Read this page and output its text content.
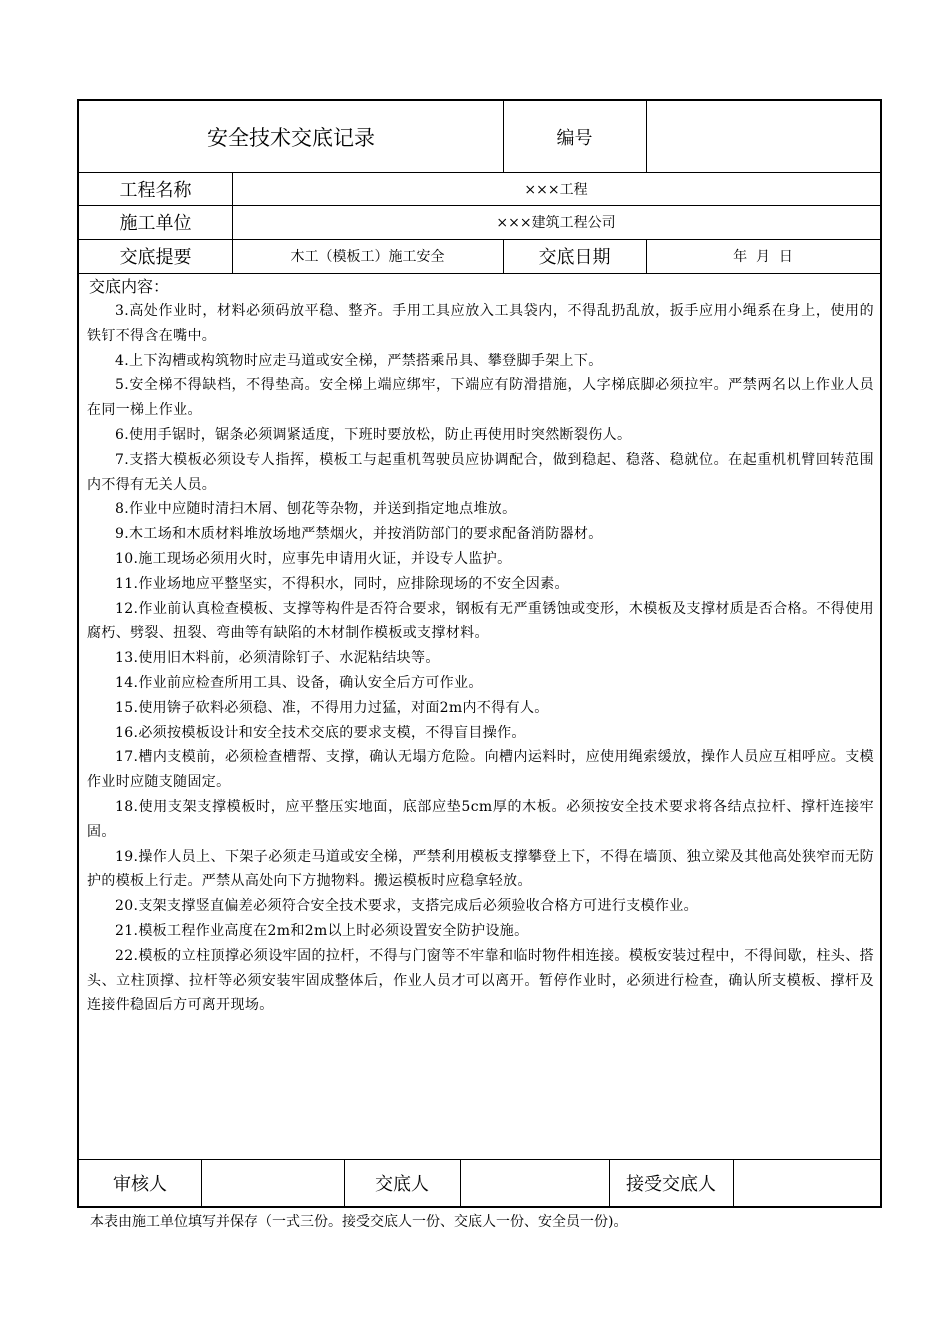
安全技术交底记录	编号
工程名称	×××工程
施工单位	×××建筑工程公司
交底提要	木工（模板工）施工安全	交底日期	年  月  日

交底内容：

3.高处作业时，材料必须码放平稳、整齐。手用工具应放入工具袋内，不得乱扔乱放，扳手应用小绳系在身上，使用的铁钉不得含在嘴中。

4.上下沟槽或构筑物时应走马道或安全梯，严禁搭乘吊具、攀登脚手架上下。

5.安全梯不得缺档，不得垫高。安全梯上端应绑牢，下端应有防滑措施，人字梯底脚必须拉牢。严禁两名以上作业人员在同一梯上作业。

6.使用手锯时，锯条必须调紧适度，下班时要放松，防止再使用时突然断裂伤人。

7.支搭大模板必须设专人指挥，模板工与起重机驾驶员应协调配合，做到稳起、稳落、稳就位。在起重机机臂回转范围内不得有无关人员。

8.作业中应随时清扫木屑、刨花等杂物，并送到指定地点堆放。

9.木工场和木质材料堆放场地严禁烟火，并按消防部门的要求配备消防器材。

10.施工现场必须用火时，应事先申请用火证，并设专人监护。

11.作业场地应平整坚实，不得积水，同时，应排除现场的不安全因素。

12.作业前认真检查模板、支撑等构件是否符合要求，钢板有无严重锈蚀或变形，木模板及支撑材质是否合格。不得使用腐朽、劈裂、扭裂、弯曲等有缺陷的木材制作模板或支撑材料。

13.使用旧木料前，必须清除钉子、水泥粘结块等。

14.作业前应检查所用工具、设备，确认安全后方可作业。

15.使用锛子砍料必须稳、准，不得用力过猛，对面2m内不得有人。

16.必须按模板设计和安全技术交底的要求支模，不得盲目操作。

17.槽内支模前，必须检查槽帮、支撑，确认无塌方危险。向槽内运料时，应使用绳索缓放，操作人员应互相呼应。支模作业时应随支随固定。

18.使用支架支撑模板时，应平整压实地面，底部应垫5cm厚的木板。必须按安全技术要求将各结点拉杆、撑杆连接牢固。

19.操作人员上、下架子必须走马道或安全梯，严禁利用模板支撑攀登上下，不得在墙顶、独立梁及其他高处狭窄而无防护的模板上行走。严禁从高处向下方抛物料。搬运模板时应稳拿轻放。

20.支架支撑竖直偏差必须符合安全技术要求，支搭完成后必须验收合格方可进行支模作业。

21.模板工程作业高度在2m和2m以上时必须设置安全防护设施。

22.模板的立柱顶撑必须设牢固的拉杆，不得与门窗等不牢靠和临时物件相连接。模板安装过程中，不得间歇，柱头、搭头、立柱顶撑、拉杆等必须安装牢固成整体后，作业人员才可以离开。暂停作业时，必须进行检查，确认所支模板、撑杆及连接件稳固后方可离开现场。

审核人	交底人	接受交底人
本表由施工单位填写并保存（一式三份。接受交底人一份、交底人一份、安全员一份)。
